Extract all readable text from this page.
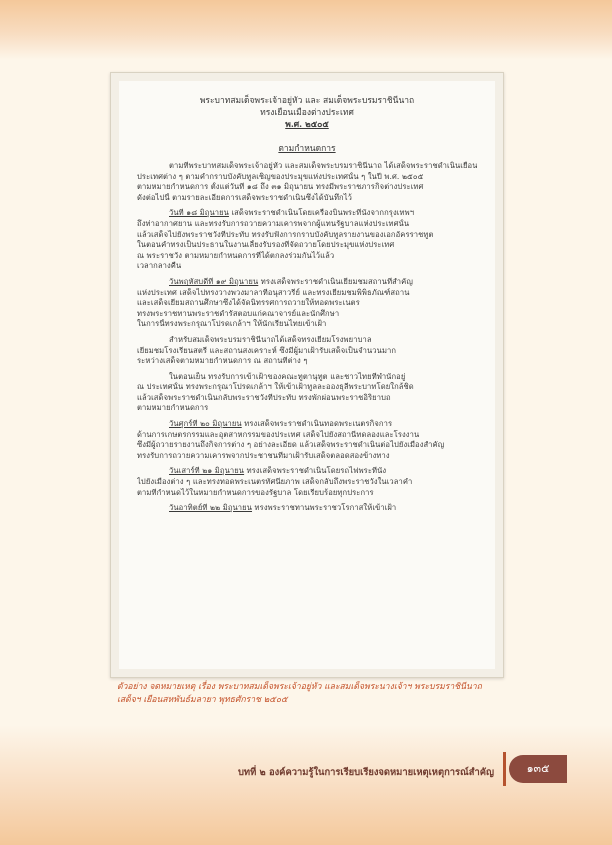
พระบาทสมเด็จพระเจ้าอยู่หัว และ สมเด็จพระบรมราชินีนาถ
ทรงเยือนเมืองต่างประเทศ
พ.ศ. ๒๕๐๕
ตามกำหนดการ
ตามที่พระบาทสมเด็จพระเจ้าอยู่หัว และสมเด็จพระบรมราชินีนาถ ได้เสด็จพระราชดำเนินเยือน
ประเทศต่าง ๆ ตามคำกราบบังคับทูลเชิญของประมุขแห่งประเทศนั้น ๆ ในปี พ.ศ. ๒๕๐๕
ตามหมายกำหนดการ ตั้งแต่วันที่ ๑๘ ถึง ๓๑ มิถุนายน ทรงมีพระราชภารกิจต่างประเทศ
ดังต่อไปนี้ ตามรายละเอียดการเสด็จพระราชดำเนินซึ่งได้บันทึกไว้
วันที่ ๑๘ มิถุนายน เสด็จพระราชดำเนินโดยเครื่องบินพระที่นั่งจากกรุงเทพฯ
ถึงท่าอากาศยาน และทรงรับการถวายความเคารพจากผู้แทนรัฐบาลแห่งประเทศนั้น
แล้วเสด็จไปยังพระราชวังที่ประทับ ทรงรับฟังการกราบบังคับทูลรายงานของเอกอัครราชทูต
ในตอนค่ำทรงเป็นประธานในงานเลี้ยงรับรองที่จัดถวายโดยประมุขแห่งประเทศ
ณ พระราชวัง ตามหมายกำหนดการที่ได้ตกลงร่วมกันไว้แล้ว
เวลากลางคืน
วันพฤหัสบดีที่ ๑๙ มิถุนายน ทรงเสด็จพระราชดำเนินเยี่ยมชมสถานที่สำคัญ
แห่งประเทศ เสด็จไปทรงวางพวงมาลาที่อนุสาวรีย์ และทรงเยี่ยมชมพิพิธภัณฑ์สถาน
และเสด็จเยี่ยมสถานศึกษาซึ่งได้จัดนิทรรศการถวายให้ทอดพระเนตร
ทรงพระราชทานพระราชดำรัสตอบแก่คณาจารย์และนักศึกษา
ในการนี้ทรงพระกรุณาโปรดเกล้าฯ ให้นักเรียนไทยเข้าเฝ้า
สำหรับสมเด็จพระบรมราชินีนาถได้เสด็จทรงเยี่ยมโรงพยาบาล
เยี่ยมชมโรงเรียนสตรี และสถานสงเคราะห์ ซึ่งมีผู้มาเฝ้ารับเสด็จเป็นจำนวนมาก
ระหว่างเสด็จตามหมายกำหนดการ ณ สถานที่ต่าง ๆ
ในตอนเย็น ทรงรับการเข้าเฝ้าของคณะทูตานุทูต และชาวไทยที่พำนักอยู่
ณ ประเทศนั้น ทรงพระกรุณาโปรดเกล้าฯ ให้เข้าเฝ้าทูลละอองธุลีพระบาทโดยใกล้ชิด
แล้วเสด็จพระราชดำเนินกลับพระราชวังที่ประทับ ทรงพักผ่อนพระราชอิริยาบถ
ตามหมายกำหนดการ
วันศุกร์ที่ ๒๐ มิถุนายน ทรงเสด็จพระราชดำเนินทอดพระเนตรกิจการ
ด้านการเกษตรกรรมและอุตสาหกรรมของประเทศ เสด็จไปยังสถานีทดลองและโรงงาน
ซึ่งมีผู้ถวายรายงานถึงกิจการต่าง ๆ อย่างละเอียด แล้วเสด็จพระราชดำเนินต่อไปยังเมืองสำคัญ
ทรงรับการถวายความเคารพจากประชาชนที่มาเฝ้ารับเสด็จตลอดสองข้างทาง
วันเสาร์ที่ ๒๑ มิถุนายน ทรงเสด็จพระราชดำเนินโดยรถไฟพระที่นั่ง
ไปยังเมืองต่าง ๆ และทรงทอดพระเนตรทัศนียภาพ เสด็จกลับถึงพระราชวังในเวลาค่ำ
ตามที่กำหนดไว้ในหมายกำหนดการของรัฐบาล โดยเรียบร้อยทุกประการ
วันอาทิตย์ที่ ๒๒ มิถุนายน ทรงพระราชทานพระราชวโรกาสให้เข้าเฝ้า
ตัวอย่าง จดหมายเหตุ เรื่อง พระบาทสมเด็จพระเจ้าอยู่หัว และสมเด็จพระนางเจ้าฯ พระบรมราชินีนาถ
เสด็จฯ เยือนสหพันธ์มลายา พุทธศักราช ๒๕๐๕
บทที่ ๒ องค์ความรู้ในการเรียบเรียงจดหมายเหตุเหตุการณ์สำคัญ	๑๓๕
